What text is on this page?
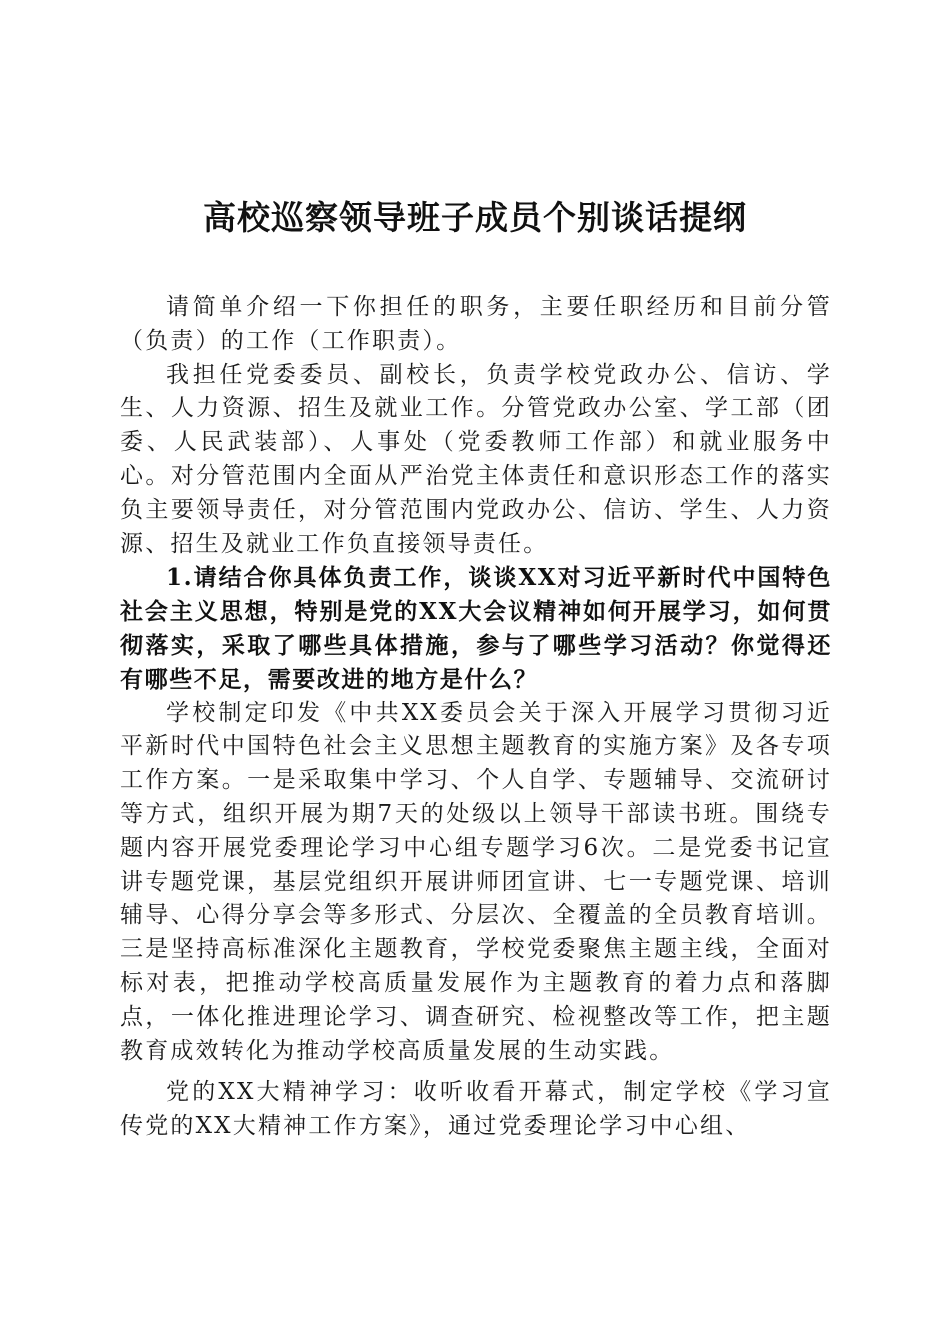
高校巡察领导班子成员个别谈话提纲

请简单介绍一下你担任的职务，主要任职经历和目前分管（负责）的工作（工作职责）。

我担任党委委员、副校长，负责学校党政办公、信访、学生、人力资源、招生及就业工作。分管党政办公室、学工部（团委、人民武装部）、人事处（党委教师工作部）和就业服务中心。对分管范围内全面从严治党主体责任和意识形态工作的落实负主要领导责任，对分管范围内党政办公、信访、学生、人力资源、招生及就业工作负直接领导责任。

1.请结合你具体负责工作，谈谈XX对习近平新时代中国特色社会主义思想，特别是党的XX大会议精神如何开展学习，如何贯彻落实，采取了哪些具体措施，参与了哪些学习活动？你觉得还有哪些不足，需要改进的地方是什么？

学校制定印发《中共XX委员会关于深入开展学习贯彻习近平新时代中国特色社会主义思想主题教育的实施方案》及各专项工作方案。一是采取集中学习、个人自学、专题辅导、交流研讨等方式，组织开展为期7天的处级以上领导干部读书班。围绕专题内容开展党委理论学习中心组专题学习6次。二是党委书记宣讲专题党课，基层党组织开展讲师团宣讲、七一专题党课、培训辅导、心得分享会等多形式、分层次、全覆盖的全员教育培训。三是坚持高标准深化主题教育，学校党委聚焦主题主线，全面对标对表，把推动学校高质量发展作为主题教育的着力点和落脚点，一体化推进理论学习、调查研究、检视整改等工作，把主题教育成效转化为推动学校高质量发展的生动实践。

党的XX大精神学习：收听收看开幕式，制定学校《学习宣传党的XX大精神工作方案》，通过党委理论学习中心组、
